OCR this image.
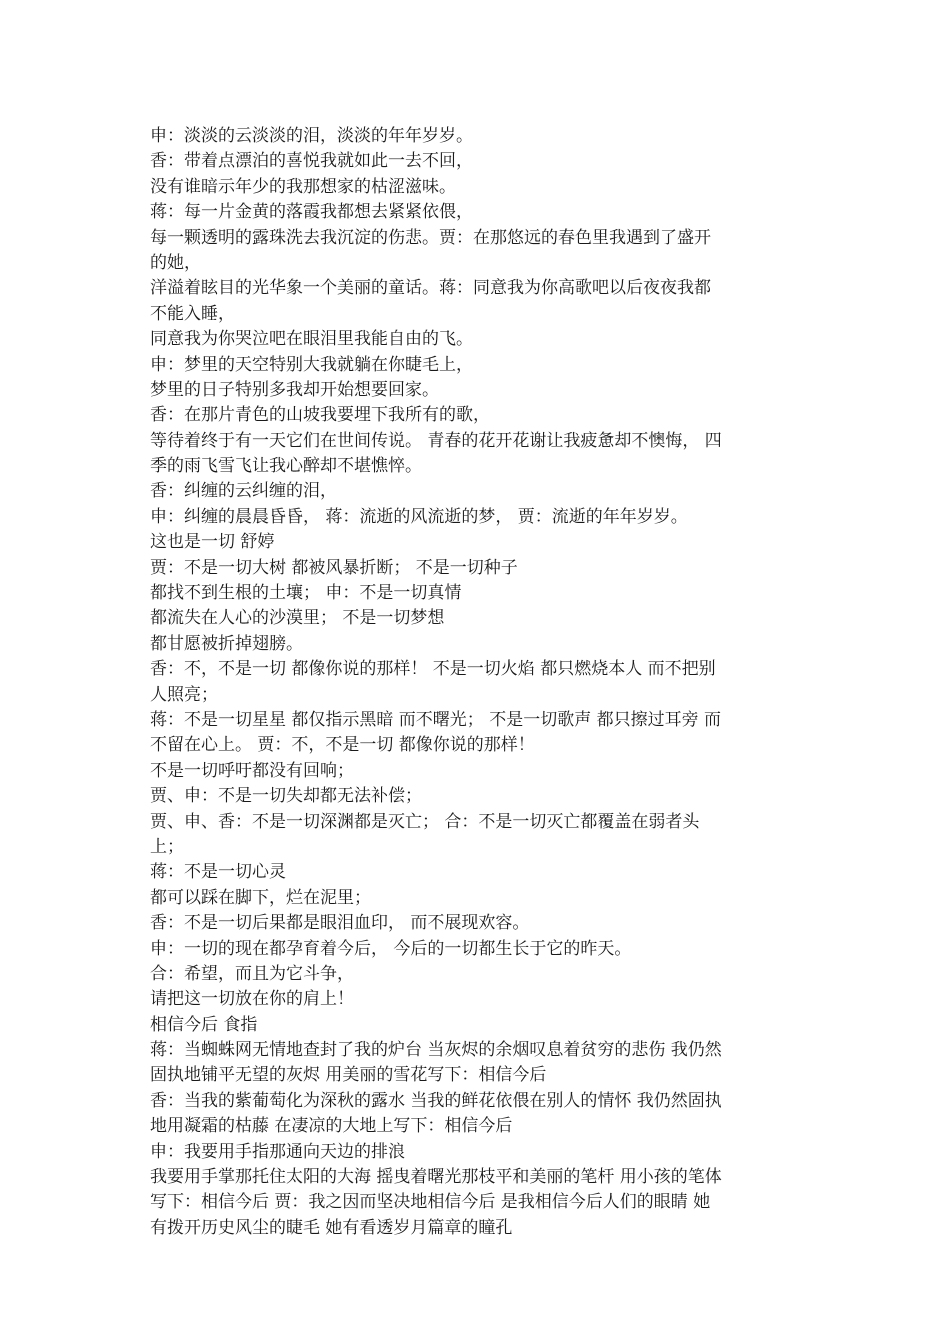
申：淡淡的云淡淡的泪，淡淡的年年岁岁。

香：带着点漂泊的喜悦我就如此一去不回，

没有谁暗示年少的我那想家的枯涩滋味。

蒋：每一片金黄的落霞我都想去紧紧依偎，

每一颗透明的露珠洗去我沉淀的伤悲。贾：在那悠远的春色里我遇到了盛开

的她，

洋溢着眩目的光华象一个美丽的童话。蒋：同意我为你高歌吧以后夜夜我都

不能入睡，

同意我为你哭泣吧在眼泪里我能自由的飞。

申：梦里的天空特别大我就躺在你睫毛上，

梦里的日子特别多我却开始想要回家。

香：在那片青色的山坡我要埋下我所有的歌，

等待着终于有一天它们在世间传说。 青春的花开花谢让我疲惫却不懊悔， 四

季的雨飞雪飞让我心醉却不堪憔悴。

香：纠缠的云纠缠的泪，

申：纠缠的晨晨昏昏， 蒋：流逝的风流逝的梦， 贾：流逝的年年岁岁。

这也是一切 舒婷

贾：不是一切大树 都被风暴折断； 不是一切种子

都找不到生根的土壤； 申：不是一切真情

都流失在人心的沙漠里； 不是一切梦想

都甘愿被折掉翅膀。

香：不，不是一切 都像你说的那样！ 不是一切火焰 都只燃烧本人 而不把别

人照亮；

蒋：不是一切星星 都仅指示黑暗 而不曙光； 不是一切歌声 都只擦过耳旁 而

不留在心上。 贾：不，不是一切 都像你说的那样！

不是一切呼吁都没有回响；

贾、申：不是一切失却都无法补偿；

贾、申、香：不是一切深渊都是灭亡； 合：不是一切灭亡都覆盖在弱者头

上；

蒋：不是一切心灵

都可以踩在脚下，烂在泥里；

香：不是一切后果都是眼泪血印， 而不展现欢容。

申：一切的现在都孕育着今后， 今后的一切都生长于它的昨天。

合：希望，而且为它斗争，

请把这一切放在你的肩上！

相信今后 食指

蒋：当蜘蛛网无情地查封了我的炉台 当灰烬的余烟叹息着贫穷的悲伤 我仍然

固执地铺平无望的灰烬 用美丽的雪花写下：相信今后

香：当我的紫葡萄化为深秋的露水 当我的鲜花依偎在别人的情怀 我仍然固执

地用凝霜的枯藤 在凄凉的大地上写下：相信今后

申：我要用手指那通向天边的排浪

我要用手掌那托住太阳的大海 摇曳着曙光那枝平和美丽的笔杆 用小孩的笔体

写下：相信今后 贾：我之因而坚决地相信今后 是我相信今后人们的眼睛 她

有拨开历史风尘的睫毛 她有看透岁月篇章的瞳孔
